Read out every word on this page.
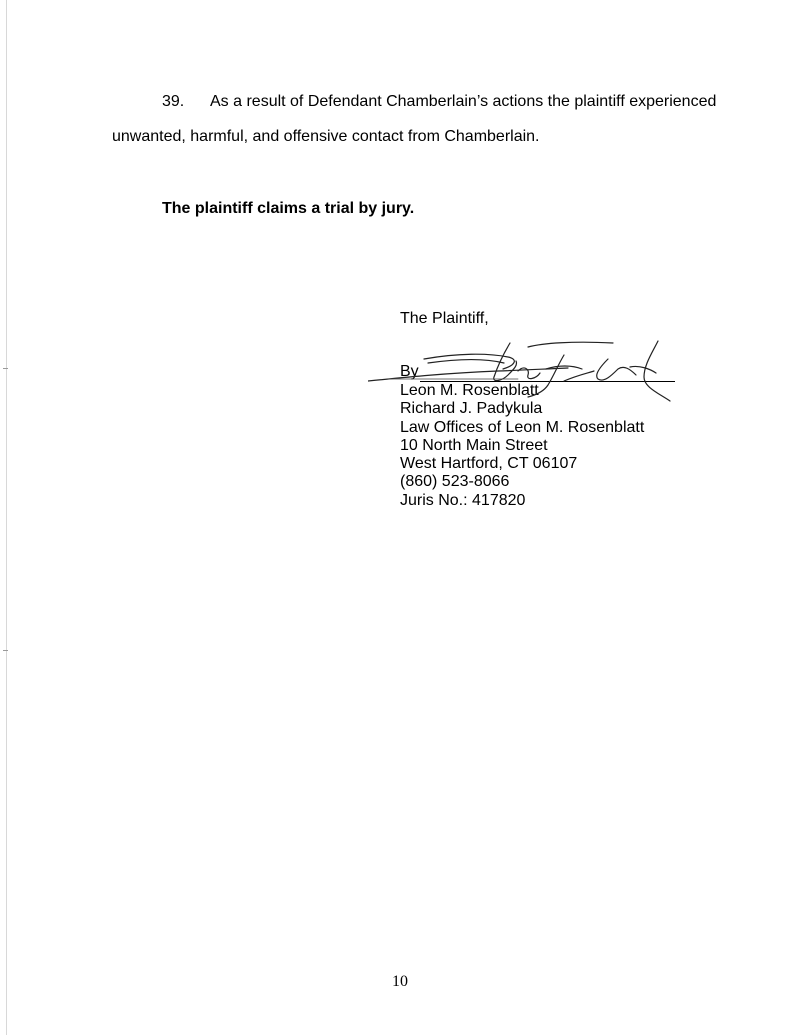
39. As a result of Defendant Chamberlain’s actions the plaintiff experienced
unwanted, harmful, and offensive contact from Chamberlain.
The plaintiff claims a trial by jury.
The Plaintiff,
By
Leon M. Rosenblatt
Richard J. Padykula
Law Offices of Leon M. Rosenblatt
10 North Main Street
West Hartford, CT 06107
(860) 523-8066
Juris No.: 417820
10
